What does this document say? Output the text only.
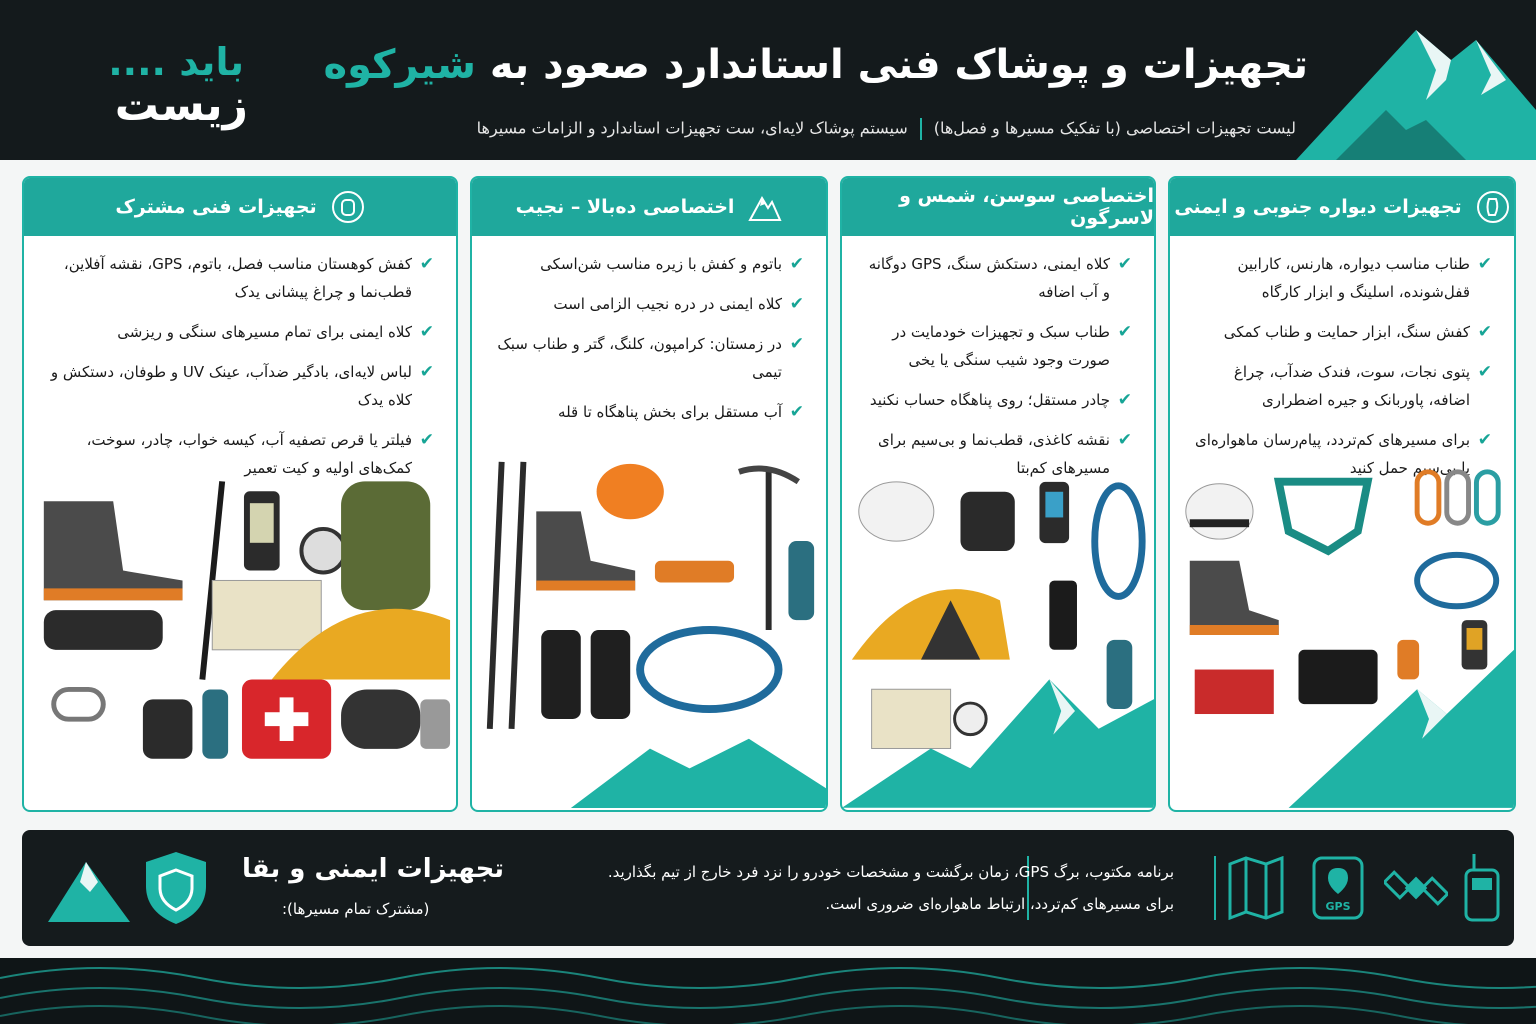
تجهیزات و پوشاک فنی استاندارد صعود به شیرکوه
لیست تجهیزات اختصاصی (با تفکیک مسیرها و فصل‌ها)سیستم پوشاک لایه‌ای، ست تجهیزات استاندارد و الزامات مسیرها
باید ....
زیست
تجهیزات دیواره جنوبی و ایمنی
✔
طناب مناسب دیواره، هارنس، کارابین قفل‌شونده، اسلینگ و ابزار کارگاه
✔
کفش سنگ، ابزار حمایت و طناب کمکی
✔
پتوی نجات، سوت، فندک ضدآب، چراغ اضافه، پاوربانک و جیره اضطراری
✔
برای مسیرهای کم‌تردد، پیام‌رسان ماهواره‌ای یا بی‌سیم حمل کنید
اختصاصی سوسن، شمس و لاسرگون
✔
کلاه ایمنی، دستکش سنگ، GPS دوگانه و آب اضافه
✔
طناب سبک و تجهیزات خودمایت در صورت وجود شیب سنگی یا یخی
✔
چادر مستقل؛ روی پناهگاه حساب نکنید
✔
نقشه کاغذی، قطب‌نما و بی‌سیم برای مسیرهای کم‌بتا
اختصاصی ده‌بالا – نجیب
✔
باتوم و کفش با زیره مناسب شن‌اسکی
✔
کلاه ایمنی در دره نجیب الزامی است
✔
در زمستان: کرامپون، کلنگ، گتر و طناب سبک تیمی
✔
آب مستقل برای بخش پناهگاه تا قله
تجهیزات فنی مشترک
✔
کفش کوهستان مناسب فصل، باتوم، GPS، نقشه آفلاین، قطب‌نما و چراغ پیشانی یدک
✔
کلاه ایمنی برای تمام مسیرهای سنگی و ریزشی
✔
لباس لایه‌ای، بادگیر ضدآب، عینک UV و طوفان، دستکش و کلاه یدک
✔
فیلتر یا قرص تصفیه آب، کیسه خواب، چادر، سوخت، کمک‌های اولیه و کیت تعمیر
تجهیزات ایمنی و بقا
(مشترک تمام مسیرها):
برنامه مکتوب، برگ GPS، زمان برگشت و مشخصات خودرو را نزد فرد خارج از تیم بگذارید.
برای مسیرهای کم‌تردد، ارتباط ماهواره‌ای ضروری است.	GPS
